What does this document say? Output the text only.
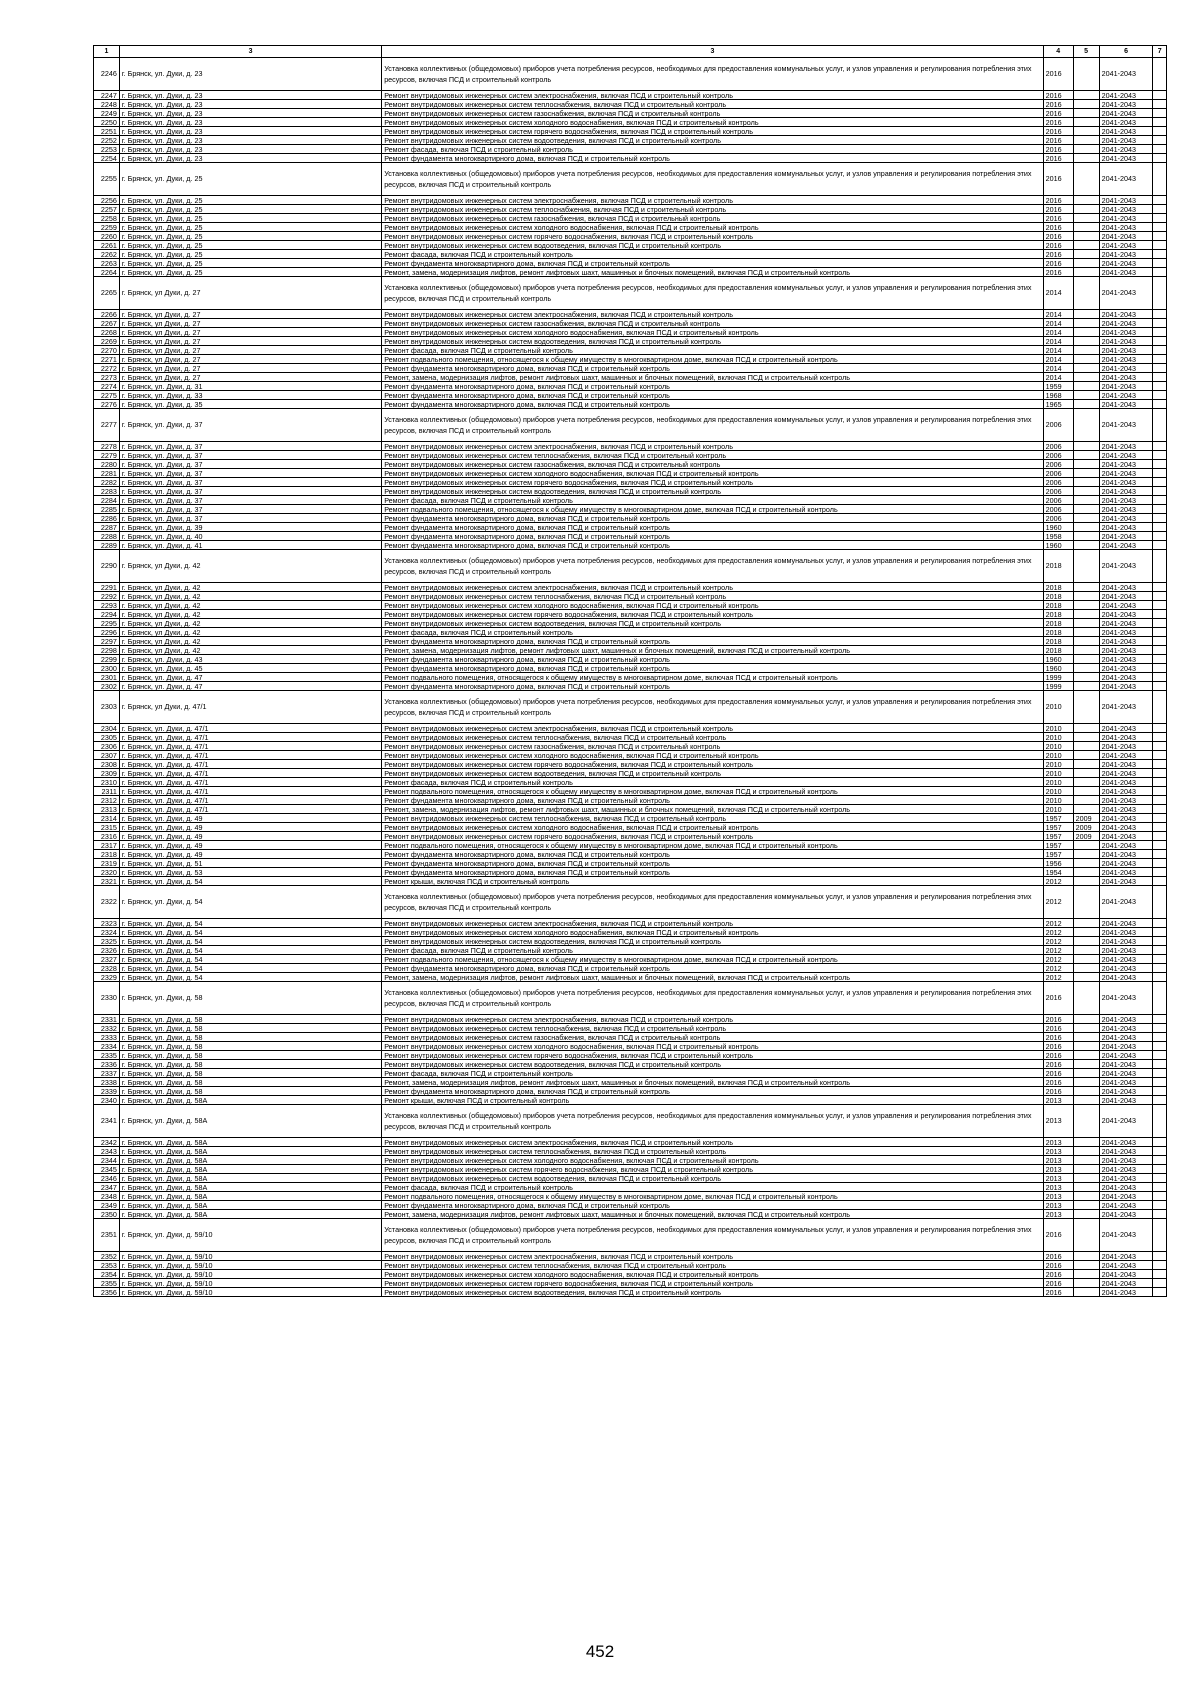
1	3	3	4	5	6	7
2246	г. Брянск, ул. Дуки, д. 23	Установка коллективных (общедомовых) приборов учета потребления ресурсов, необходимых для предоставления коммунальных услуг, и узлов управления и регулирования потребления этих ресурсов, включая ПСД и строительный контроль	2016		2041-2043	
2247	г. Брянск, ул. Дуки, д. 23	Ремонт внутридомовых инженерных систем электроснабжения, включая ПСД и строительный контроль	2016		2041-2043	
2248	г. Брянск, ул. Дуки, д. 23	Ремонт внутридомовых инженерных систем теплоснабжения, включая ПСД и строительный контроль	2016		2041-2043	
2249	г. Брянск, ул. Дуки, д. 23	Ремонт внутридомовых инженерных систем газоснабжения, включая ПСД и строительный контроль	2016		2041-2043	
2250	г. Брянск, ул. Дуки, д. 23	Ремонт внутридомовых инженерных систем холодного водоснабжения, включая ПСД и строительный контроль	2016		2041-2043	
2251	г. Брянск, ул. Дуки, д. 23	Ремонт внутридомовых инженерных систем горячего водоснабжения, включая ПСД и строительный контроль	2016		2041-2043	
2252	г. Брянск, ул. Дуки, д. 23	Ремонт внутридомовых инженерных систем водоотведения, включая ПСД и строительный контроль	2016		2041-2043	
2253	г. Брянск, ул. Дуки, д. 23	Ремонт фасада, включая ПСД и строительный контроль	2016		2041-2043	
2254	г. Брянск, ул. Дуки, д. 23	Ремонт фундамента многоквартирного дома, включая ПСД и строительный контроль	2016		2041-2043	
2255	г. Брянск, ул. Дуки, д. 25	Установка коллективных (общедомовых) приборов учета потребления ресурсов, необходимых для предоставления коммунальных услуг, и узлов управления и регулирования потребления этих ресурсов, включая ПСД и строительный контроль	2016		2041-2043	
2256	г. Брянск, ул. Дуки, д. 25	Ремонт внутридомовых инженерных систем электроснабжения, включая ПСД и строительный контроль	2016		2041-2043	
2257	г. Брянск, ул. Дуки, д. 25	Ремонт внутридомовых инженерных систем теплоснабжения, включая ПСД и строительный контроль	2016		2041-2043	
2258	г. Брянск, ул. Дуки, д. 25	Ремонт внутридомовых инженерных систем газоснабжения, включая ПСД и строительный контроль	2016		2041-2043	
2259	г. Брянск, ул. Дуки, д. 25	Ремонт внутридомовых инженерных систем холодного водоснабжения, включая ПСД и строительный контроль	2016		2041-2043	
2260	г. Брянск, ул. Дуки, д. 25	Ремонт внутридомовых инженерных систем горячего водоснабжения, включая ПСД и строительный контроль	2016		2041-2043	
2261	г. Брянск, ул. Дуки, д. 25	Ремонт внутридомовых инженерных систем водоотведения, включая ПСД и строительный контроль	2016		2041-2043	
2262	г. Брянск, ул. Дуки, д. 25	Ремонт фасада, включая ПСД и строительный контроль	2016		2041-2043	
2263	г. Брянск, ул. Дуки, д. 25	Ремонт фундамента многоквартирного дома, включая ПСД и строительный контроль	2016		2041-2043	
2264	г. Брянск, ул. Дуки, д. 25	Ремонт, замена, модернизация лифтов, ремонт лифтовых шахт, машинных и блочных помещений, включая ПСД и строительный контроль	2016		2041-2043	
2265	г. Брянск, ул Дуки, д. 27	Установка коллективных (общедомовых) приборов учета потребления ресурсов, необходимых для предоставления коммунальных услуг, и узлов управления и регулирования потребления этих ресурсов, включая ПСД и строительный контроль	2014		2041-2043	
2266	г. Брянск, ул Дуки, д. 27	Ремонт внутридомовых инженерных систем электроснабжения, включая ПСД и строительный контроль	2014		2041-2043	
2267	г. Брянск, ул Дуки, д. 27	Ремонт внутридомовых инженерных систем газоснабжения, включая ПСД и строительный контроль	2014		2041-2043	
2268	г. Брянск, ул Дуки, д. 27	Ремонт внутридомовых инженерных систем холодного водоснабжения, включая ПСД и строительный контроль	2014		2041-2043	
2269	г. Брянск, ул Дуки, д. 27	Ремонт внутридомовых инженерных систем водоотведения, включая ПСД и строительный контроль	2014		2041-2043	
2270	г. Брянск, ул Дуки, д. 27	Ремонт фасада, включая ПСД и строительный контроль	2014		2041-2043	
2271	г. Брянск, ул Дуки, д. 27	Ремонт подвального помещения, относящегося к общему имуществу в многоквартирном доме, включая ПСД и строительный контроль	2014		2041-2043	
2272	г. Брянск, ул Дуки, д. 27	Ремонт фундамента многоквартирного дома, включая ПСД и строительный контроль	2014		2041-2043	
2273	г. Брянск, ул Дуки, д. 27	Ремонт, замена, модернизация лифтов, ремонт лифтовых шахт, машинных и блочных помещений, включая ПСД и строительный контроль	2014		2041-2043	
2274	г. Брянск, ул. Дуки, д. 31	Ремонт фундамента многоквартирного дома, включая ПСД и строительный контроль	1959		2041-2043	
2275	г. Брянск, ул. Дуки, д. 33	Ремонт фундамента многоквартирного дома, включая ПСД и строительный контроль	1968		2041-2043	
2276	г. Брянск, ул. Дуки, д. 35	Ремонт фундамента многоквартирного дома, включая ПСД и строительный контроль	1965		2041-2043	
2277	г. Брянск, ул. Дуки, д. 37	Установка коллективных (общедомовых) приборов учета потребления ресурсов, необходимых для предоставления коммунальных услуг, и узлов управления и регулирования потребления этих ресурсов, включая ПСД и строительный контроль	2006		2041-2043	
2278	г. Брянск, ул. Дуки, д. 37	Ремонт внутридомовых инженерных систем электроснабжения, включая ПСД и строительный контроль	2006		2041-2043	
2279	г. Брянск, ул. Дуки, д. 37	Ремонт внутридомовых инженерных систем теплоснабжения, включая ПСД и строительный контроль	2006		2041-2043	
2280	г. Брянск, ул. Дуки, д. 37	Ремонт внутридомовых инженерных систем газоснабжения, включая ПСД и строительный контроль	2006		2041-2043	
2281	г. Брянск, ул. Дуки, д. 37	Ремонт внутридомовых инженерных систем холодного водоснабжения, включая ПСД и строительный контроль	2006		2041-2043	
2282	г. Брянск, ул. Дуки, д. 37	Ремонт внутридомовых инженерных систем горячего водоснабжения, включая ПСД и строительный контроль	2006		2041-2043	
2283	г. Брянск, ул. Дуки, д. 37	Ремонт внутридомовых инженерных систем водоотведения, включая ПСД и строительный контроль	2006		2041-2043	
2284	г. Брянск, ул. Дуки, д. 37	Ремонт фасада, включая ПСД и строительный контроль	2006		2041-2043	
2285	г. Брянск, ул. Дуки, д. 37	Ремонт подвального помещения, относящегося к общему имуществу в многоквартирном доме, включая ПСД и строительный контроль	2006		2041-2043	
2286	г. Брянск, ул. Дуки, д. 37	Ремонт фундамента многоквартирного дома, включая ПСД и строительный контроль	2006		2041-2043	
2287	г. Брянск, ул. Дуки, д. 39	Ремонт фундамента многоквартирного дома, включая ПСД и строительный контроль	1960		2041-2043	
2288	г. Брянск, ул. Дуки, д. 40	Ремонт фундамента многоквартирного дома, включая ПСД и строительный контроль	1958		2041-2043	
2289	г. Брянск, ул. Дуки, д. 41	Ремонт фундамента многоквартирного дома, включая ПСД и строительный контроль	1960		2041-2043	
2290	г. Брянск, ул Дуки, д. 42	Установка коллективных (общедомовых) приборов учета потребления ресурсов, необходимых для предоставления коммунальных услуг, и узлов управления и регулирования потребления этих ресурсов, включая ПСД и строительный контроль	2018		2041-2043	
2291	г. Брянск, ул Дуки, д. 42	Ремонт внутридомовых инженерных систем электроснабжения, включая ПСД и строительный контроль	2018		2041-2043	
2292	г. Брянск, ул Дуки, д. 42	Ремонт внутридомовых инженерных систем теплоснабжения, включая ПСД и строительный контроль	2018		2041-2043	
2293	г. Брянск, ул Дуки, д. 42	Ремонт внутридомовых инженерных систем холодного водоснабжения, включая ПСД и строительный контроль	2018		2041-2043	
2294	г. Брянск, ул Дуки, д. 42	Ремонт внутридомовых инженерных систем горячего водоснабжения, включая ПСД и строительный контроль	2018		2041-2043	
2295	г. Брянск, ул Дуки, д. 42	Ремонт внутридомовых инженерных систем водоотведения, включая ПСД и строительный контроль	2018		2041-2043	
2296	г. Брянск, ул Дуки, д. 42	Ремонт фасада, включая ПСД и строительный контроль	2018		2041-2043	
2297	г. Брянск, ул Дуки, д. 42	Ремонт фундамента многоквартирного дома, включая ПСД и строительный контроль	2018		2041-2043	
2298	г. Брянск, ул Дуки, д. 42	Ремонт, замена, модернизация лифтов, ремонт лифтовых шахт, машинных и блочных помещений, включая ПСД и строительный контроль	2018		2041-2043	
2299	г. Брянск, ул. Дуки, д. 43	Ремонт фундамента многоквартирного дома, включая ПСД и строительный контроль	1960		2041-2043	
2300	г. Брянск, ул. Дуки, д. 45	Ремонт фундамента многоквартирного дома, включая ПСД и строительный контроль	1960		2041-2043	
2301	г. Брянск, ул. Дуки, д. 47	Ремонт подвального помещения, относящегося к общему имуществу в многоквартирном доме, включая ПСД и строительный контроль	1999		2041-2043	
2302	г. Брянск, ул. Дуки, д. 47	Ремонт фундамента многоквартирного дома, включая ПСД и строительный контроль	1999		2041-2043	
2303	г. Брянск, ул Дуки, д. 47/1	Установка коллективных (общедомовых) приборов учета потребления ресурсов, необходимых для предоставления коммунальных услуг, и узлов управления и регулирования потребления этих ресурсов, включая ПСД и строительный контроль	2010		2041-2043	
2304	г. Брянск, ул. Дуки, д. 47/1	Ремонт внутридомовых инженерных систем электроснабжения, включая ПСД и строительный контроль	2010		2041-2043	
2305	г. Брянск, ул. Дуки, д. 47/1	Ремонт внутридомовых инженерных систем теплоснабжения, включая ПСД и строительный контроль	2010		2041-2043	
2306	г. Брянск, ул. Дуки, д. 47/1	Ремонт внутридомовых инженерных систем газоснабжения, включая ПСД и строительный контроль	2010		2041-2043	
2307	г. Брянск, ул. Дуки, д. 47/1	Ремонт внутридомовых инженерных систем холодного водоснабжения, включая ПСД и строительный контроль	2010		2041-2043	
2308	г. Брянск, ул. Дуки, д. 47/1	Ремонт внутридомовых инженерных систем горячего водоснабжения, включая ПСД и строительный контроль	2010		2041-2043	
2309	г. Брянск, ул. Дуки, д. 47/1	Ремонт внутридомовых инженерных систем водоотведения, включая ПСД и строительный контроль	2010		2041-2043	
2310	г. Брянск, ул. Дуки, д. 47/1	Ремонт фасада, включая ПСД и строительный контроль	2010		2041-2043	
2311	г. Брянск, ул. Дуки, д. 47/1	Ремонт подвального помещения, относящегося к общему имуществу в многоквартирном доме, включая ПСД и строительный контроль	2010		2041-2043	
2312	г. Брянск, ул. Дуки, д. 47/1	Ремонт фундамента многоквартирного дома, включая ПСД и строительный контроль	2010		2041-2043	
2313	г. Брянск, ул. Дуки, д. 47/1	Ремонт, замена, модернизация лифтов, ремонт лифтовых шахт, машинных и блочных помещений, включая ПСД и строительный контроль	2010		2041-2043	
2314	г. Брянск, ул. Дуки, д. 49	Ремонт внутридомовых инженерных систем теплоснабжения, включая ПСД и строительный контроль	1957	2009	2041-2043	
2315	г. Брянск, ул. Дуки, д. 49	Ремонт внутридомовых инженерных систем холодного водоснабжения, включая ПСД и строительный контроль	1957	2009	2041-2043	
2316	г. Брянск, ул. Дуки, д. 49	Ремонт внутридомовых инженерных систем горячего водоснабжения, включая ПСД и строительный контроль	1957	2009	2041-2043	
2317	г. Брянск, ул. Дуки, д. 49	Ремонт подвального помещения, относящегося к общему имуществу в многоквартирном доме, включая ПСД и строительный контроль	1957		2041-2043	
2318	г. Брянск, ул. Дуки, д. 49	Ремонт фундамента многоквартирного дома, включая ПСД и строительный контроль	1957		2041-2043	
2319	г. Брянск, ул. Дуки, д. 51	Ремонт фундамента многоквартирного дома, включая ПСД и строительный контроль	1956		2041-2043	
2320	г. Брянск, ул. Дуки, д. 53	Ремонт фундамента многоквартирного дома, включая ПСД и строительный контроль	1954		2041-2043	
2321	г. Брянск, ул. Дуки, д. 54	Ремонт крыши, включая ПСД и строительный контроль	2012		2041-2043	
2322	г. Брянск, ул. Дуки, д. 54	Установка коллективных (общедомовых) приборов учета потребления ресурсов, необходимых для предоставления коммунальных услуг, и узлов управления и регулирования потребления этих ресурсов, включая ПСД и строительный контроль	2012		2041-2043	
2323	г. Брянск, ул. Дуки, д. 54	Ремонт внутридомовых инженерных систем электроснабжения, включая ПСД и строительный контроль	2012		2041-2043	
2324	г. Брянск, ул. Дуки, д. 54	Ремонт внутридомовых инженерных систем холодного водоснабжения, включая ПСД и строительный контроль	2012		2041-2043	
2325	г. Брянск, ул. Дуки, д. 54	Ремонт внутридомовых инженерных систем водоотведения, включая ПСД и строительный контроль	2012		2041-2043	
2326	г. Брянск, ул. Дуки, д. 54	Ремонт фасада, включая ПСД и строительный контроль	2012		2041-2043	
2327	г. Брянск, ул. Дуки, д. 54	Ремонт подвального помещения, относящегося к общему имуществу в многоквартирном доме, включая ПСД и строительный контроль	2012		2041-2043	
2328	г. Брянск, ул. Дуки, д. 54	Ремонт фундамента многоквартирного дома, включая ПСД и строительный контроль	2012		2041-2043	
2329	г. Брянск, ул. Дуки, д. 54	Ремонт, замена, модернизация лифтов, ремонт лифтовых шахт, машинных и блочных помещений, включая ПСД и строительный контроль	2012		2041-2043	
2330	г. Брянск, ул. Дуки, д. 58	Установка коллективных (общедомовых) приборов учета потребления ресурсов, необходимых для предоставления коммунальных услуг, и узлов управления и регулирования потребления этих ресурсов, включая ПСД и строительный контроль	2016		2041-2043	
2331	г. Брянск, ул. Дуки, д. 58	Ремонт внутридомовых инженерных систем электроснабжения, включая ПСД и строительный контроль	2016		2041-2043	
2332	г. Брянск, ул. Дуки, д. 58	Ремонт внутридомовых инженерных систем теплоснабжения, включая ПСД и строительный контроль	2016		2041-2043	
2333	г. Брянск, ул. Дуки, д. 58	Ремонт внутридомовых инженерных систем газоснабжения, включая ПСД и строительный контроль	2016		2041-2043	
2334	г. Брянск, ул. Дуки, д. 58	Ремонт внутридомовых инженерных систем холодного водоснабжения, включая ПСД и строительный контроль	2016		2041-2043	
2335	г. Брянск, ул. Дуки, д. 58	Ремонт внутридомовых инженерных систем горячего водоснабжения, включая ПСД и строительный контроль	2016		2041-2043	
2336	г. Брянск, ул. Дуки, д. 58	Ремонт внутридомовых инженерных систем водоотведения, включая ПСД и строительный контроль	2016		2041-2043	
2337	г. Брянск, ул. Дуки, д. 58	Ремонт фасада, включая ПСД и строительный контроль	2016		2041-2043	
2338	г. Брянск, ул. Дуки, д. 58	Ремонт, замена, модернизация лифтов, ремонт лифтовых шахт, машинных и блочных помещений, включая ПСД и строительный контроль	2016		2041-2043	
2339	г. Брянск, ул. Дуки, д. 58	Ремонт фундамента многоквартирного дома, включая ПСД и строительный контроль	2016		2041-2043	
2340	г. Брянск, ул. Дуки, д. 58А	Ремонт крыши, включая ПСД и строительный контроль	2013		2041-2043	
2341	г. Брянск, ул. Дуки, д. 58А	Установка коллективных (общедомовых) приборов учета потребления ресурсов, необходимых для предоставления коммунальных услуг, и узлов управления и регулирования потребления этих ресурсов, включая ПСД и строительный контроль	2013		2041-2043	
2342	г. Брянск, ул. Дуки, д. 58А	Ремонт внутридомовых инженерных систем электроснабжения, включая ПСД и строительный контроль	2013		2041-2043	
2343	г. Брянск, ул. Дуки, д. 58А	Ремонт внутридомовых инженерных систем теплоснабжения, включая ПСД и строительный контроль	2013		2041-2043	
2344	г. Брянск, ул. Дуки, д. 58А	Ремонт внутридомовых инженерных систем холодного водоснабжения, включая ПСД и строительный контроль	2013		2041-2043	
2345	г. Брянск, ул. Дуки, д. 58А	Ремонт внутридомовых инженерных систем горячего водоснабжения, включая ПСД и строительный контроль	2013		2041-2043	
2346	г. Брянск, ул. Дуки, д. 58А	Ремонт внутридомовых инженерных систем водоотведения, включая ПСД и строительный контроль	2013		2041-2043	
2347	г. Брянск, ул. Дуки, д. 58А	Ремонт фасада, включая ПСД и строительный контроль	2013		2041-2043	
2348	г. Брянск, ул. Дуки, д. 58А	Ремонт подвального помещения, относящегося к общему имуществу в многоквартирном доме, включая ПСД и строительный контроль	2013		2041-2043	
2349	г. Брянск, ул. Дуки, д. 58А	Ремонт фундамента многоквартирного дома, включая ПСД и строительный контроль	2013		2041-2043	
2350	г. Брянск, ул. Дуки, д. 58А	Ремонт, замена, модернизация лифтов, ремонт лифтовых шахт, машинных и блочных помещений, включая ПСД и строительный контроль	2013		2041-2043	
2351	г. Брянск, ул. Дуки, д. 59/10	Установка коллективных (общедомовых) приборов учета потребления ресурсов, необходимых для предоставления коммунальных услуг, и узлов управления и регулирования потребления этих ресурсов, включая ПСД и строительный контроль	2016		2041-2043	
2352	г. Брянск, ул. Дуки, д. 59/10	Ремонт внутридомовых инженерных систем электроснабжения, включая ПСД и строительный контроль	2016		2041-2043	
2353	г. Брянск, ул. Дуки, д. 59/10	Ремонт внутридомовых инженерных систем теплоснабжения, включая ПСД и строительный контроль	2016		2041-2043	
2354	г. Брянск, ул. Дуки, д. 59/10	Ремонт внутридомовых инженерных систем холодного водоснабжения, включая ПСД и строительный контроль	2016		2041-2043	
2355	г. Брянск, ул. Дуки, д. 59/10	Ремонт внутридомовых инженерных систем горячего водоснабжения, включая ПСД и строительный контроль	2016		2041-2043	
2356	г. Брянск, ул. Дуки, д. 59/10	Ремонт внутридомовых инженерных систем водоотведения, включая ПСД и строительный контроль	2016		2041-2043	
452
